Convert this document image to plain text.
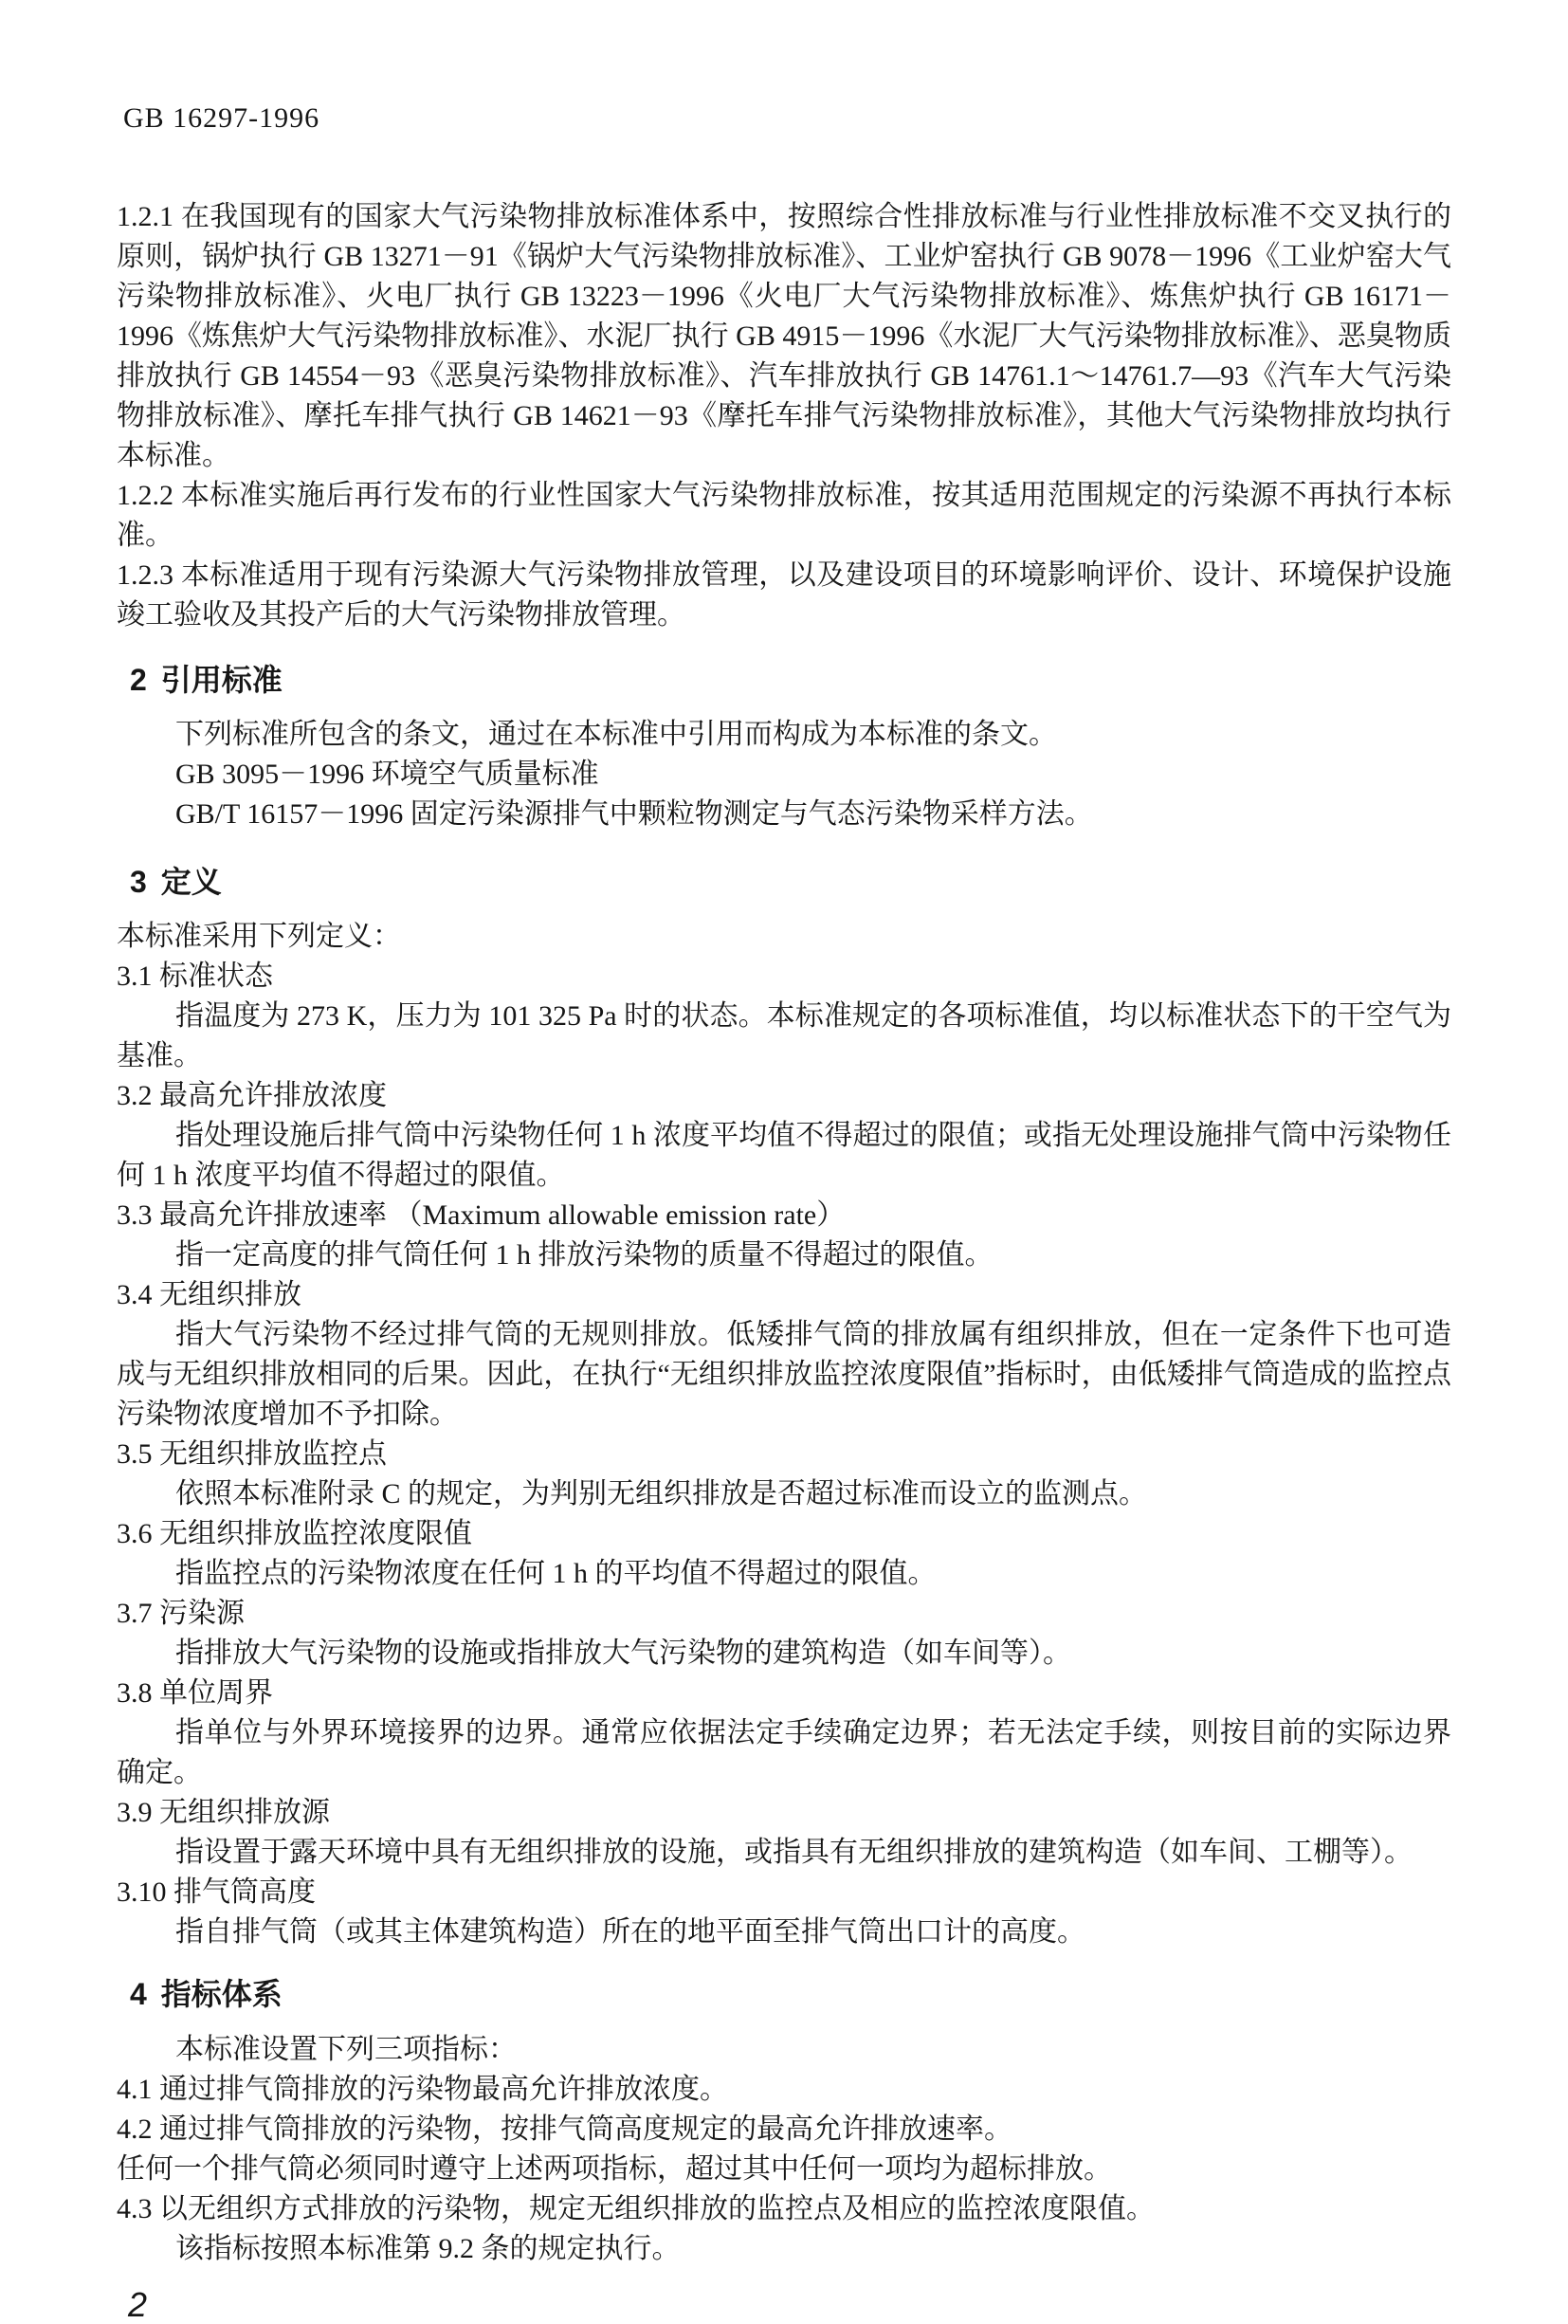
GB 16297-1996

1.2.1 在我国现有的国家大气污染物排放标准体系中，按照综合性排放标准与行业性排放标准不交叉执行的原则，锅炉执行 GB 13271－91《锅炉大气污染物排放标准》、工业炉窑执行 GB 9078－1996《工业炉窑大气污染物排放标准》、火电厂执行 GB 13223－1996《火电厂大气污染物排放标准》、炼焦炉执行 GB 16171－1996《炼焦炉大气污染物排放标准》、水泥厂执行 GB 4915－1996《水泥厂大气污染物排放标准》、恶臭物质排放执行 GB 14554－93《恶臭污染物排放标准》、汽车排放执行 GB 14761.1～14761.7—93《汽车大气污染物排放标准》、摩托车排气执行 GB 14621－93《摩托车排气污染物排放标准》，其他大气污染物排放均执行本标准。

1.2.2 本标准实施后再行发布的行业性国家大气污染物排放标准，按其适用范围规定的污染源不再执行本标准。

1.2.3 本标准适用于现有污染源大气污染物排放管理，以及建设项目的环境影响评价、设计、环境保护设施竣工验收及其投产后的大气污染物排放管理。

2 引用标准

下列标准所包含的条文，通过在本标准中引用而构成为本标准的条文。

GB 3095－1996 环境空气质量标准

GB/T 16157－1996 固定污染源排气中颗粒物测定与气态污染物采样方法。

3 定义

本标准采用下列定义：

3.1 标准状态

指温度为 273 K，压力为 101 325 Pa 时的状态。本标准规定的各项标准值，均以标准状态下的干空气为基准。

3.2 最高允许排放浓度

指处理设施后排气筒中污染物任何 1 h 浓度平均值不得超过的限值；或指无处理设施排气筒中污染物任何 1 h 浓度平均值不得超过的限值。

3.3 最高允许排放速率 （Maximum allowable emission rate）

指一定高度的排气筒任何 1 h 排放污染物的质量不得超过的限值。

3.4 无组织排放

指大气污染物不经过排气筒的无规则排放。低矮排气筒的排放属有组织排放，但在一定条件下也可造成与无组织排放相同的后果。因此，在执行“无组织排放监控浓度限值”指标时，由低矮排气筒造成的监控点污染物浓度增加不予扣除。

3.5 无组织排放监控点

依照本标准附录 C 的规定，为判别无组织排放是否超过标准而设立的监测点。

3.6 无组织排放监控浓度限值

指监控点的污染物浓度在任何 1 h 的平均值不得超过的限值。

3.7 污染源

指排放大气污染物的设施或指排放大气污染物的建筑构造（如车间等）。

3.8 单位周界

指单位与外界环境接界的边界。通常应依据法定手续确定边界；若无法定手续，则按目前的实际边界确定。

3.9 无组织排放源

指设置于露天环境中具有无组织排放的设施，或指具有无组织排放的建筑构造（如车间、工棚等）。

3.10 排气筒高度

指自排气筒（或其主体建筑构造）所在的地平面至排气筒出口计的高度。

4 指标体系

本标准设置下列三项指标：

4.1 通过排气筒排放的污染物最高允许排放浓度。

4.2 通过排气筒排放的污染物，按排气筒高度规定的最高允许排放速率。

任何一个排气筒必须同时遵守上述两项指标，超过其中任何一项均为超标排放。

4.3 以无组织方式排放的污染物，规定无组织排放的监控点及相应的监控浓度限值。

该指标按照本标准第 9.2 条的规定执行。

2
